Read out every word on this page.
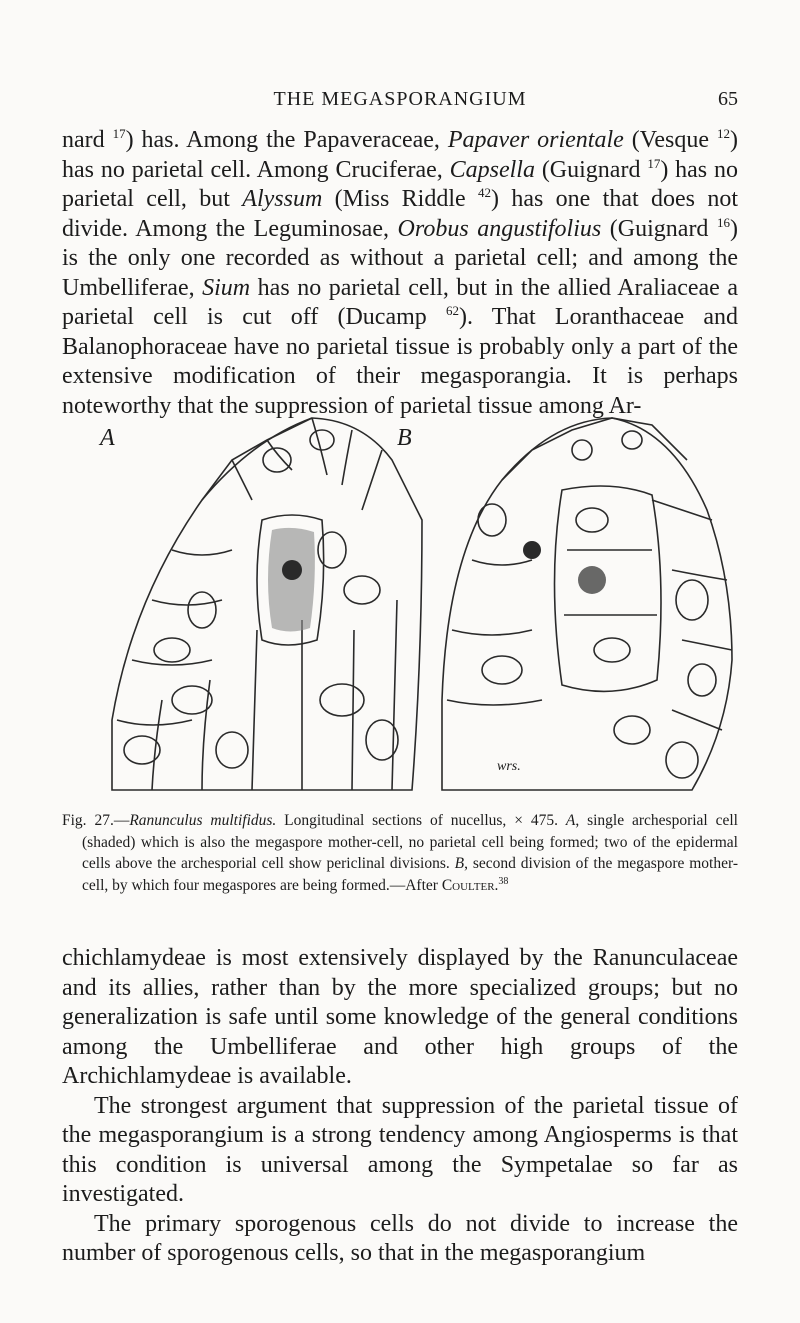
THE MEGASPORANGIUM	65

nard $^{17}$) has. Among the Papaveraceae, Papaver orientale (Vesque $^{12}$) has no parietal cell. Among Cruciferae, Capsella (Guignard $^{17}$) has no parietal cell, but Alyssum (Miss Riddle $^{42}$) has one that does not divide. Among the Leguminosae, Orobus angustifolius (Guignard $^{16}$) is the only one recorded as without a parietal cell; and among the Umbelliferae, Sium has no parietal cell, but in the allied Araliaceae a parietal cell is cut off (Ducamp $^{62}$). That Loranthaceae and Balanophoraceae have no parietal tissue is probably only a part of the extensive modification of their megasporangia. It is perhaps noteworthy that the suppression of parietal tissue among Ar-

A	B
wrs.
Fig. 27.—Ranunculus multifidus. Longitudinal sections of nucellus, × 475. A, single archesporial cell (shaded) which is also the megaspore mother-cell, no parietal cell being formed; two of the epidermal cells above the archesporial cell show periclinal divisions. B, second division of the megaspore mother-cell, by which four megaspores are being formed.—After Coulter.$^{38}$

chichlamydeae is most extensively displayed by the Ranunculaceae and its allies, rather than by the more specialized groups; but no generalization is safe until some knowledge of the general conditions among the Umbelliferae and other high groups of the Archichlamydeae is available.

The strongest argument that suppression of the parietal tissue of the megasporangium is a strong tendency among Angiosperms is that this condition is universal among the Sympetalae so far as investigated.

The primary sporogenous cells do not divide to increase the number of sporogenous cells, so that in the megasporangium
